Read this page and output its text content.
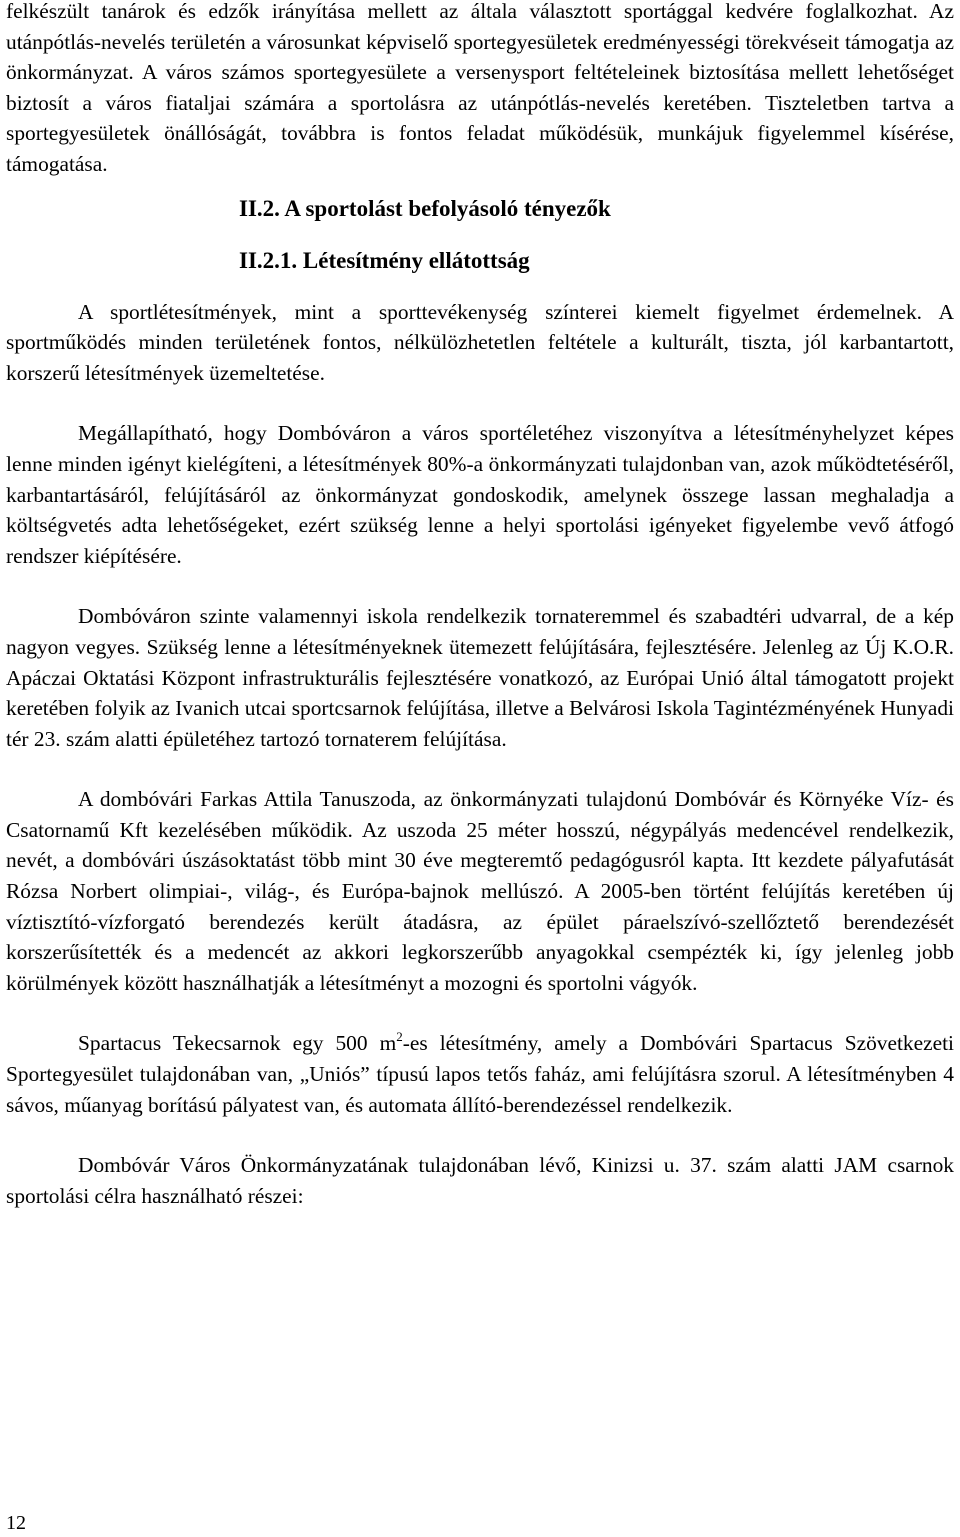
felkészült tanárok és edzők irányítása mellett az általa választott sportággal kedvére foglalkozhat. Az utánpótlás-nevelés területén a városunkat képviselő sportegyesületek eredményességi törekvéseit támogatja az önkormányzat. A város számos sportegyesülete a versenysport feltételeinek biztosítása mellett lehetőséget biztosít a város fiataljai számára a sportolásra az utánpótlás-nevelés keretében. Tiszteletben tartva a sportegyesületek önállóságát, továbbra is fontos feladat működésük, munkájuk figyelemmel kísérése, támogatása.

II.2. A sportolást befolyásoló tényezők
II.2.1. Létesítmény ellátottság

A sportlétesítmények, mint a sporttevékenység színterei kiemelt figyelmet érdemelnek. A sportműködés minden területének fontos, nélkülözhetetlen feltétele a kulturált, tiszta, jól karbantartott, korszerű létesítmények üzemeltetése.

Megállapítható, hogy Dombóváron a város sportéletéhez viszonyítva a létesítményhelyzet képes lenne minden igényt kielégíteni, a létesítmények 80%-a önkormányzati tulajdonban van, azok működtetéséről, karbantartásáról, felújításáról az önkormányzat gondoskodik, amelynek összege lassan meghaladja a költségvetés adta lehetőségeket, ezért szükség lenne a helyi sportolási igényeket figyelembe vevő átfogó rendszer kiépítésére.

Dombóváron szinte valamennyi iskola rendelkezik tornateremmel és szabadtéri udvarral, de a kép nagyon vegyes. Szükség lenne a létesítményeknek ütemezett felújítására, fejlesztésére. Jelenleg az Új K.O.R. Apáczai Oktatási Központ infrastrukturális fejlesztésére vonatkozó, az Európai Unió által támogatott projekt keretében folyik az Ivanich utcai sportcsarnok felújítása, illetve a Belvárosi Iskola Tagintézményének Hunyadi tér 23. szám alatti épületéhez tartozó tornaterem felújítása.

A dombóvári Farkas Attila Tanuszoda, az önkormányzati tulajdonú Dombóvár és Környéke Víz- és Csatornamű Kft kezelésében működik. Az uszoda 25 méter hosszú, négypályás medencével rendelkezik, nevét, a dombóvári úszásoktatást több mint 30 éve megteremtő pedagógusról kapta. Itt kezdete pályafutását Rózsa Norbert olimpiai-, világ-, és Európa-bajnok mellúszó. A 2005-ben történt felújítás keretében új víztisztító-vízforgató berendezés került átadásra, az épület páraelszívó-szellőztető berendezését korszerűsítették és a medencét az akkori legkorszerűbb anyagokkal csempézték ki, így jelenleg jobb körülmények között használhatják a létesítményt a mozogni és sportolni vágyók.

Spartacus Tekecsarnok egy 500 $m^2-es$ létesítmény, amely a Dombóvári Spartacus Szövetkezeti Sportegyesület tulajdonában van, „Uniós” típusú lapos tetős faház, ami felújításra szorul. A létesítményben 4 sávos, műanyag borítású pályatest van, és automata állító-berendezéssel rendelkezik.

Dombóvár Város Önkormányzatának tulajdonában lévő, Kinizsi u. 37. szám alatti JAM csarnok sportolási célra használható részei:

12
